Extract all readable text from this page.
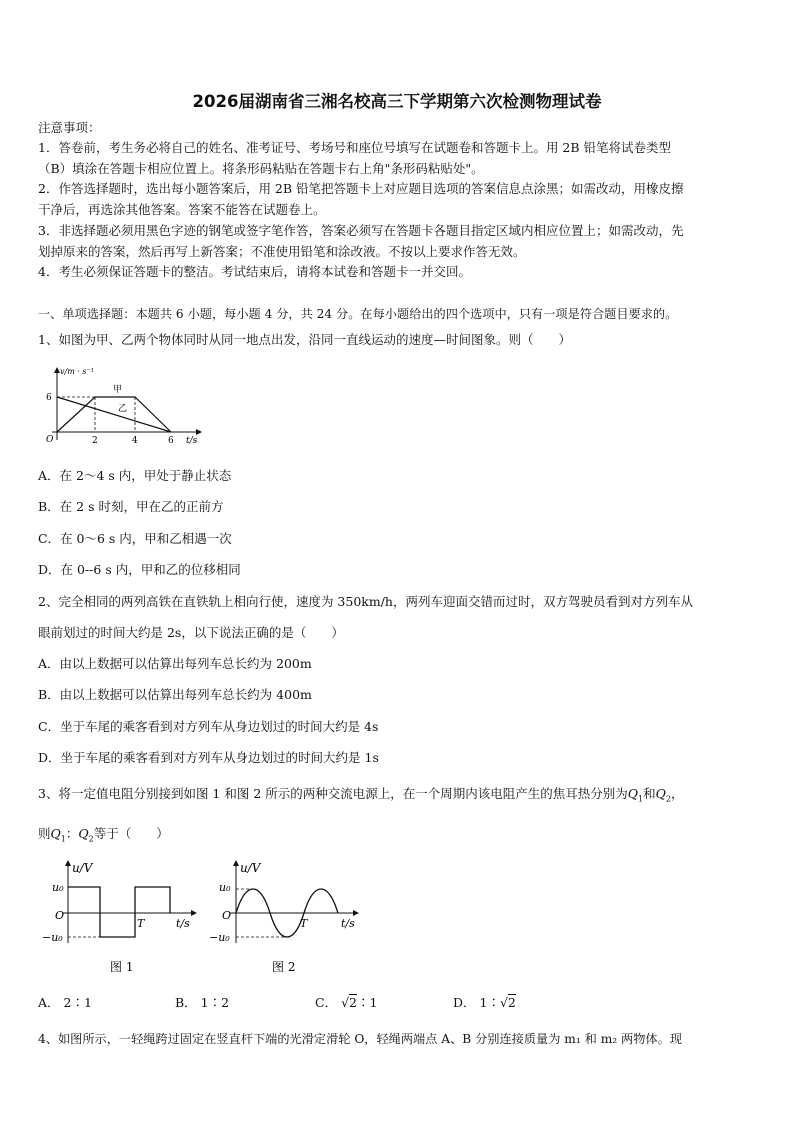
2026届湖南省三湘名校高三下学期第六次检测物理试卷
注意事项：
1．答卷前，考生务必将自己的姓名、准考证号、考场号和座位号填写在试题卷和答题卡上。用 2B 铅笔将试卷类型
（B）填涂在答题卡相应位置上。将条形码粘贴在答题卡右上角"条形码粘贴处"。
2．作答选择题时，选出每小题答案后，用 2B 铅笔把答题卡上对应题目选项的答案信息点涂黑；如需改动，用橡皮擦
干净后，再选涂其他答案。答案不能答在试题卷上。
3．非选择题必须用黑色字迹的钢笔或签字笔作答，答案必须写在答题卡各题目指定区域内相应位置上；如需改动，先
划掉原来的答案，然后再写上新答案；不准使用铅笔和涂改液。不按以上要求作答无效。
4．考生必须保证答题卡的整洁。考试结束后，请将本试卷和答题卡一并交回。
一、单项选择题：本题共 6 小题，每小题 4 分，共 24 分。在每小题给出的四个选项中，只有一项是符合题目要求的。
1、如图为甲、乙两个物体同时从同一地点出发，沿同一直线运动的速度—时间图象。则（　　）
v/m · s⁻¹
6
O	2	4	6 t/s
甲
乙
A．在 2～4 s 内，甲处于静止状态
B．在 2 s 时刻，甲在乙的正前方
C．在 0～6 s 内，甲和乙相遇一次
D．在 0--6 s 内，甲和乙的位移相同
2、完全相同的两列高铁在直铁轨上相向行使，速度为 350km/h，两列车迎面交错而过时，双方驾驶员看到对方列车从
眼前划过的时间大约是 2s，以下说法正确的是（　　）
A．由以上数据可以估算出每列车总长约为 200m
B．由以上数据可以估算出每列车总长约为 400m
C．坐于车尾的乘客看到对方列车从身边划过的时间大约是 4s
D．坐于车尾的乘客看到对方列车从身边划过的时间大约是 1s
3、将一定值电阻分别接到如图 1 和图 2 所示的两种交流电源上，在一个周期内该电阻产生的焦耳热分别为$Q_1$和$Q_2$，
则$Q_1$：$Q_2$等于（　　）
u/V
u₀
O
−u₀
T	t/s
图 1
u/V
u₀
O
−u₀
T	t/s
图 2
A． 2∶1	B． 1∶2	C． √2∶1	D． 1∶√2
4、如图所示，一轻绳跨过固定在竖直杆下端的光滑定滑轮 O，轻绳两端点 A、B 分别连接质量为 m₁ 和 m₂ 两物体。现
